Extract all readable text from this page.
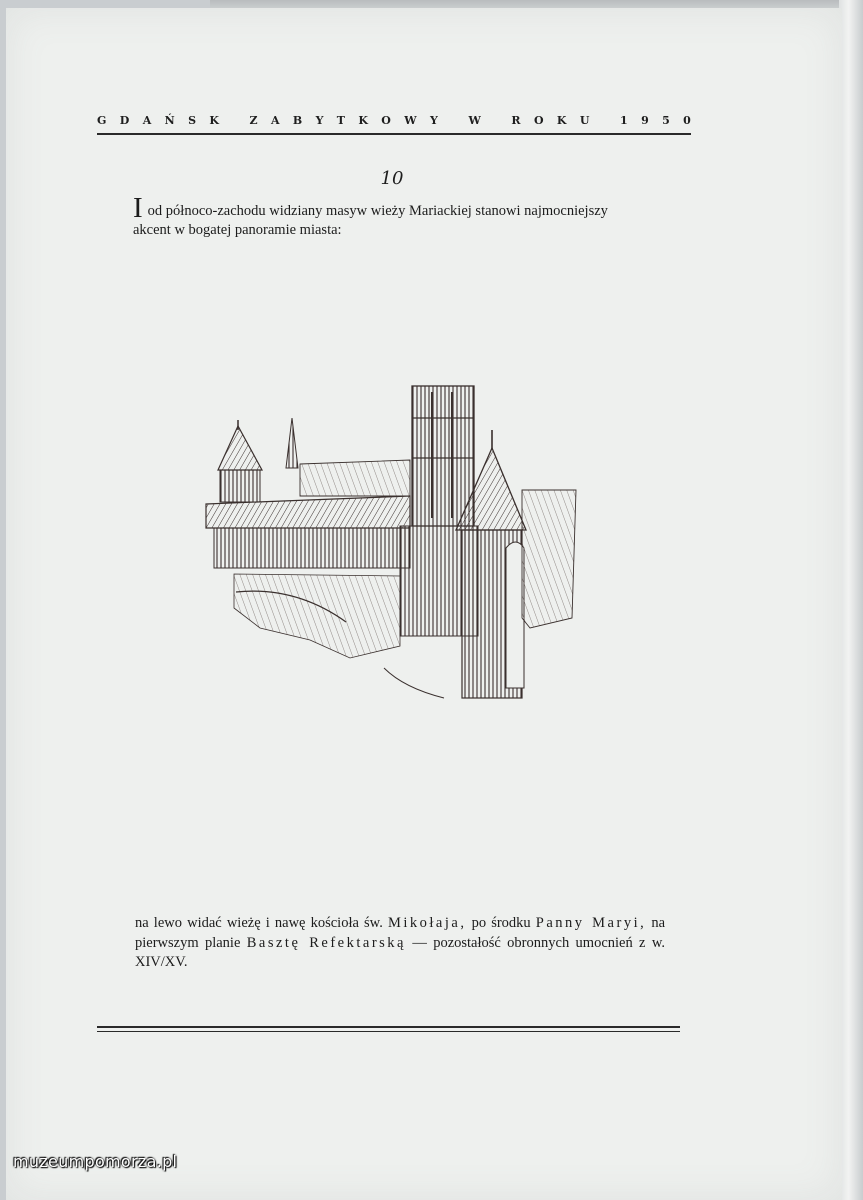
G D A Ń S K
	Z A B Y T K O W Y
	W
	R O K U
	1 9 5 0
10
Iod północo-zachodu widziany masyw wieży Mariackiej stanowi najmocniejszy
akcent w bogatej panoramie miasta:
na lewo widać wieżę i nawę kościoła św. Mikołaja, po środku Panny Maryi, na pierwszym planie Basztę Refektarską — pozostałość obronnych umocnień z w. XIV/XV.
muzeumpomorza.pl
